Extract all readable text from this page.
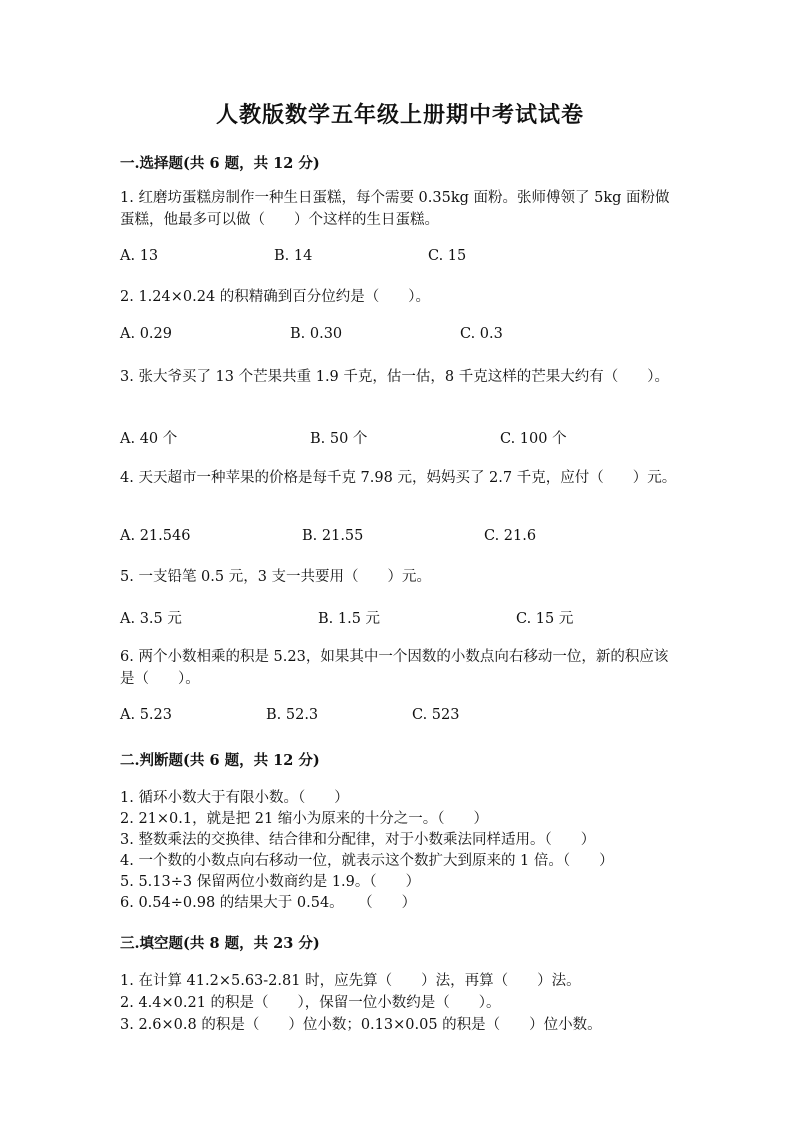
人教版数学五年级上册期中考试试卷
一.选择题(共 6 题，共 12 分)
1. 红磨坊蛋糕房制作一种生日蛋糕，每个需要 0.35kg 面粉。张师傅领了 5kg 面粉做蛋糕，他最多可以做（　　）个这样的生日蛋糕。
A. 13	B. 14	C. 15
2. 1.24×0.24 的积精确到百分位约是（　　）。
A. 0.29	B. 0.30	C. 0.3
3. 张大爷买了 13 个芒果共重 1.9 千克，估一估，8 千克这样的芒果大约有（　　）。
A. 40 个	B. 50 个	C. 100 个
4. 天天超市一种苹果的价格是每千克 7.98 元，妈妈买了 2.7 千克，应付（　　）元。
A. 21.546	B. 21.55	C. 21.6
5. 一支铅笔 0.5 元，3 支一共要用（　　）元。
A. 3.5 元	B. 1.5 元	C. 15 元
6. 两个小数相乘的积是 5.23，如果其中一个因数的小数点向右移动一位，新的积应该是（　　）。
A. 5.23	B. 52.3	C. 523
二.判断题(共 6 题，共 12 分)
1. 循环小数大于有限小数。（　　）
2. 21×0.1，就是把 21 缩小为原来的十分之一。（　　）
3. 整数乘法的交换律、结合律和分配律，对于小数乘法同样适用。（　　）
4. 一个数的小数点向右移动一位，就表示这个数扩大到原来的 1 倍。（　　）
5. 5.13÷3 保留两位小数商约是 1.9。（　　）
6. 0.54÷0.98 的结果大于 0.54。　　（　　）
三.填空题(共 8 题，共 23 分)
1. 在计算 41.2×5.63-2.81 时，应先算（　　）法，再算（　　）法。
2. 4.4×0.21 的积是（　　），保留一位小数约是（　　）。
3. 2.6×0.8 的积是（　　）位小数；0.13×0.05 的积是（　　）位小数。
